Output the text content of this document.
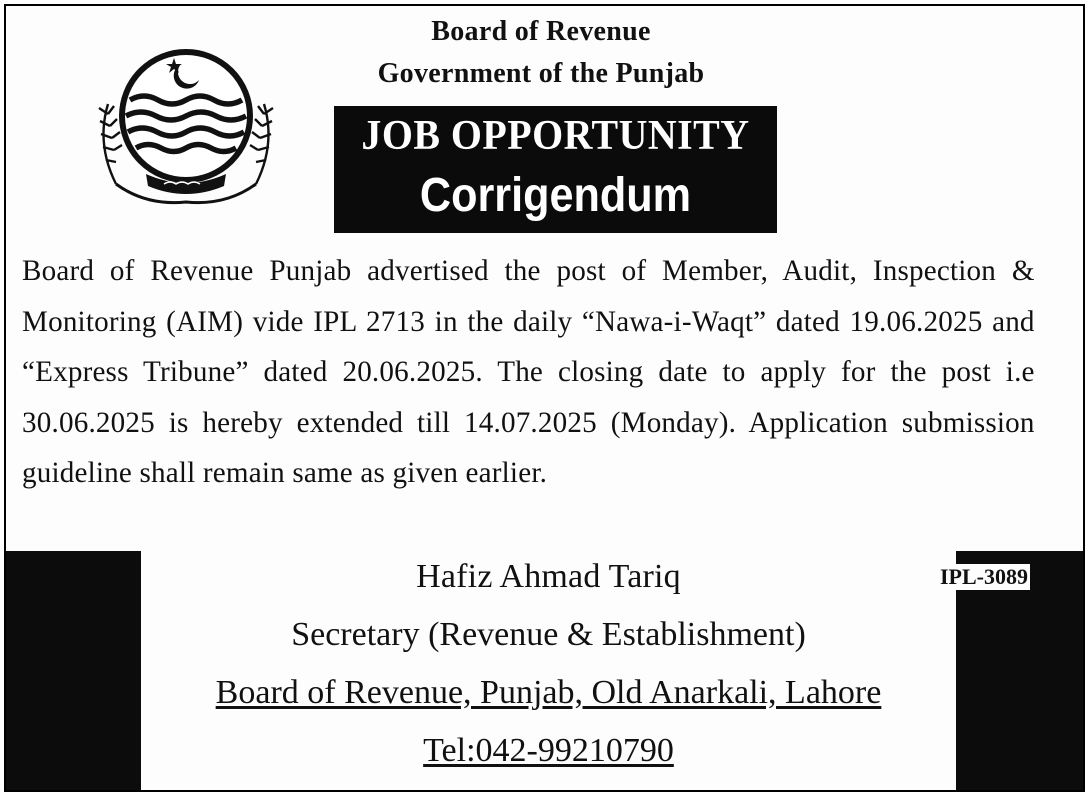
Board of Revenue
Government of the Punjab
JOB OPPORTUNITY
Corrigendum
Board of Revenue Punjab advertised the post of Member, Audit, Inspection & Monitoring (AIM) vide IPL 2713 in the daily “Nawa-i-Waqt” dated 19.06.2025 and “Express Tribune” dated 20.06.2025. The closing date to apply for the post i.e 30.06.2025 is hereby extended till 14.07.2025 (Monday). Application submission guideline shall remain same as given earlier.
IPL-3089
Hafiz Ahmad Tariq
Secretary (Revenue & Establishment)
Board of Revenue, Punjab, Old Anarkali, Lahore
Tel:042-99210790
